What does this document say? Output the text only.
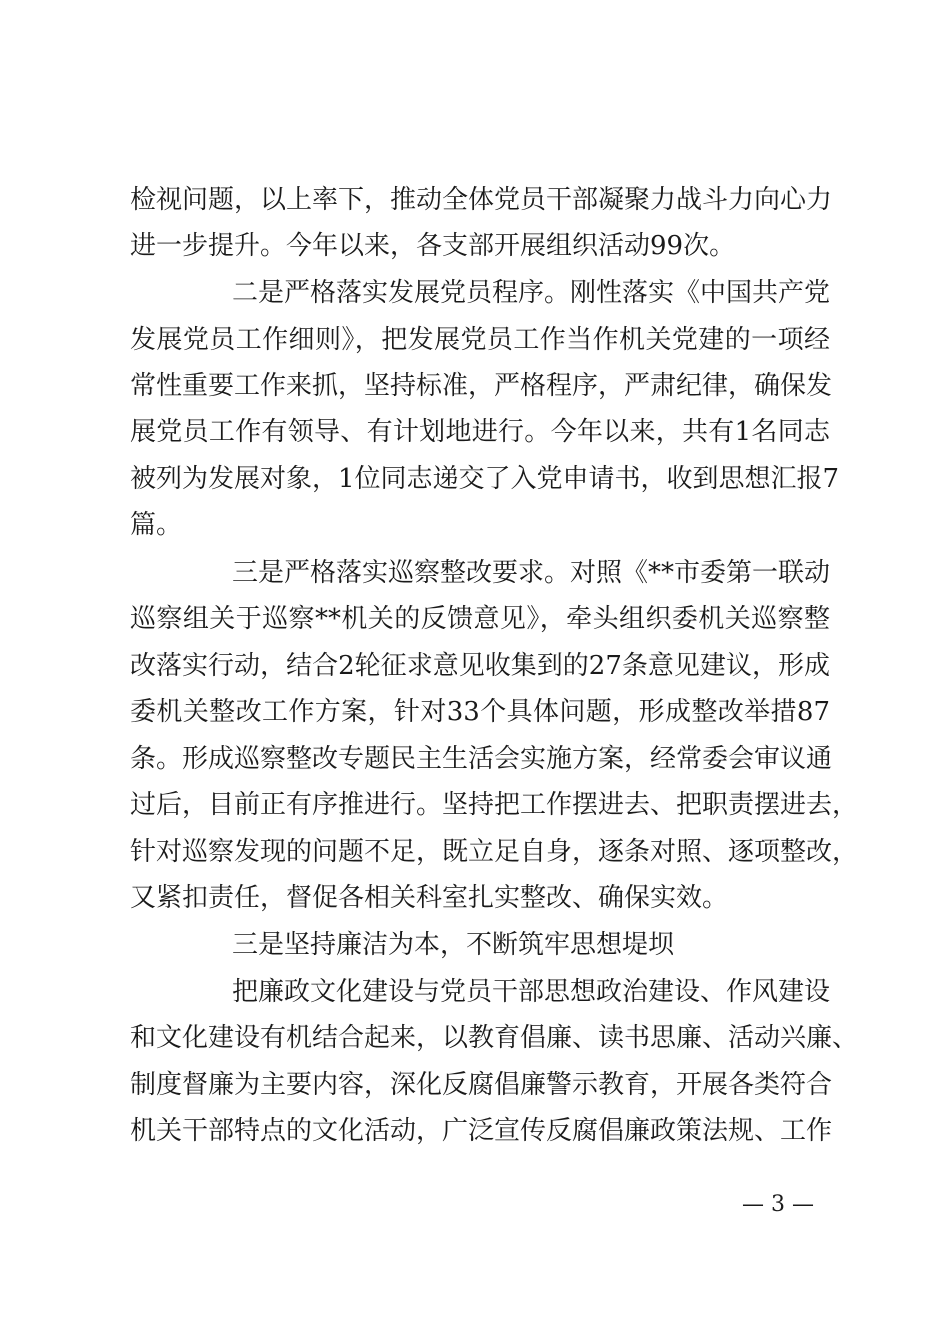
检视问题，以上率下，推动全体党员干部凝聚力战斗力向心力
进一步提升。今年以来，各支部开展组织活动99次。
二是严格落实发展党员程序。刚性落实《中国共产党
发展党员工作细则》，把发展党员工作当作机关党建的一项经
常性重要工作来抓，坚持标准，严格程序，严肃纪律，确保发
展党员工作有领导、有计划地进行。今年以来，共有1名同志
被列为发展对象，1位同志递交了入党申请书，收到思想汇报7
篇。
三是严格落实巡察整改要求。对照《**市委第一联动
巡察组关于巡察**机关的反馈意见》，牵头组织委机关巡察整
改落实行动，结合2轮征求意见收集到的27条意见建议，形成
委机关整改工作方案，针对33个具体问题，形成整改举措87
条。形成巡察整改专题民主生活会实施方案，经常委会审议通
过后，目前正有序推进行。坚持把工作摆进去、把职责摆进去，
针对巡察发现的问题不足，既立足自身，逐条对照、逐项整改，
又紧扣责任，督促各相关科室扎实整改、确保实效。
三是坚持廉洁为本，不断筑牢思想堤坝
把廉政文化建设与党员干部思想政治建设、作风建设
和文化建设有机结合起来，以教育倡廉、读书思廉、活动兴廉、
制度督廉为主要内容，深化反腐倡廉警示教育，开展各类符合
机关干部特点的文化活动，广泛宣传反腐倡廉政策法规、工作
— 3 —
